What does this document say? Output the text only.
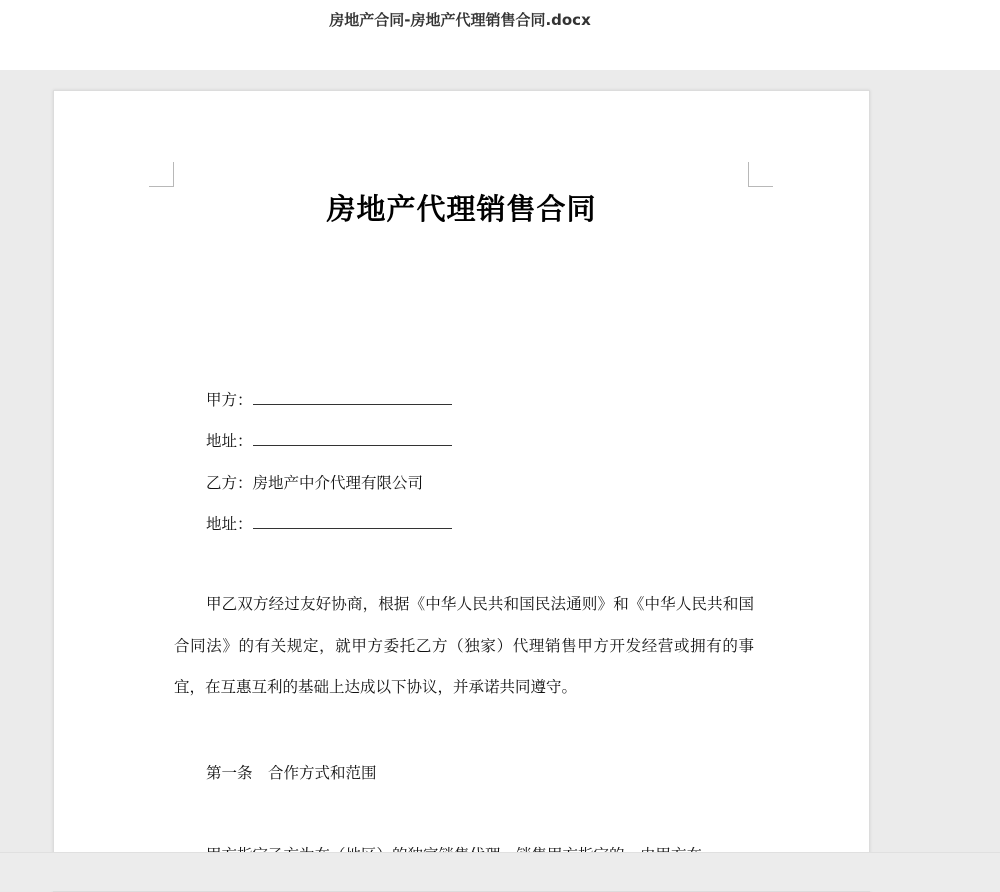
房地产合同-房地产代理销售合同.docx
房地产代理销售合同
甲方：
地址：
乙方：房地产中介代理有限公司
地址：
甲乙双方经过友好协商，根据《中华人民共和国民法通则》和《中华人民共和国合同法》的有关规定，就甲方委托乙方（独家）代理销售甲方开发经营或拥有的事宜，在互惠互利的基础上达成以下协议，并承诺共同遵守。
第一条　合作方式和范围
